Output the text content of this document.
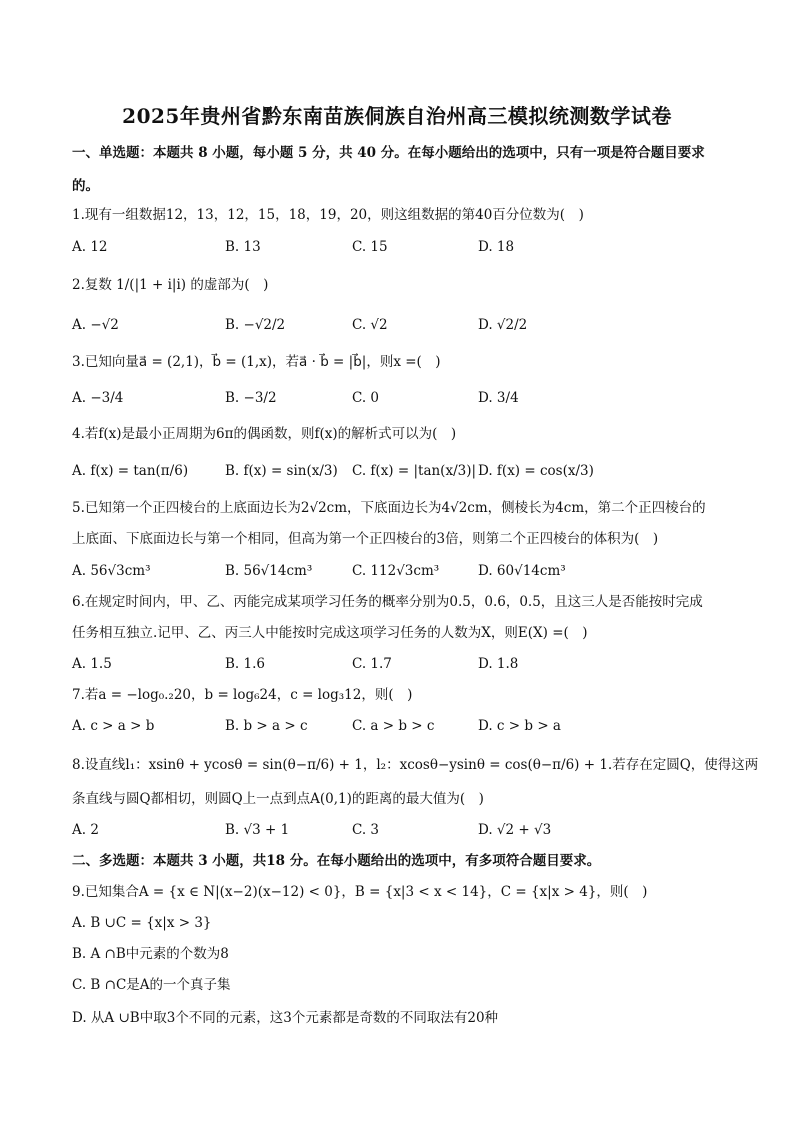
2025年贵州省黔东南苗族侗族自治州高三模拟统测数学试卷
一、单选题：本题共 8 小题，每小题 5 分，共 40 分。在每小题给出的选项中，只有一项是符合题目要求
的。
1.现有一组数据12，13，12，15，18，19，20，则这组数据的第40百分位数为(　)
A. 12	B. 13	C. 15	D. 18
2.复数 1/(|1 + i|i) 的虚部为(　)
A. −√2	B. −√2/2	C. √2	D. √2/2
3.已知向量a⃗ = (2,1)，b⃗ = (1,x)，若a⃗ · b⃗ = |b⃗|，则x =(　)
A. −3/4	B. −3/2	C. 0	D. 3/4
4.若f(x)是最小正周期为6π的偶函数，则f(x)的解析式可以为(　)
A. f(x) = tan(π/6)	B. f(x) = sin(x/3) C. f(x) = |tan(x/3)| D. f(x) = cos(x/3)
5.已知第一个正四棱台的上底面边长为2√2cm，下底面边长为4√2cm，侧棱长为4cm，第二个正四棱台的
上底面、下底面边长与第一个相同，但高为第一个正四棱台的3倍，则第二个正四棱台的体积为(　)
A. 56√3cm³	B. 56√14cm³	C. 112√3cm³	D. 60√14cm³
6.在规定时间内，甲、乙、丙能完成某项学习任务的概率分别为0.5，0.6，0.5，且这三人是否能按时完成
任务相互独立.记甲、乙、丙三人中能按时完成这项学习任务的人数为X，则E(X) =(　)
A. 1.5	B. 1.6	C. 1.7	D. 1.8
7.若a = −log₀.₂20，b = log₆24，c = log₃12，则(　)
A. c > a > b	B. b > a > c	C. a > b > c	D. c > b > a
8.设直线l₁：xsinθ + ycosθ = sin(θ−π/6) + 1，l₂：xcosθ−ysinθ = cos(θ−π/6) + 1.若存在定圆Q，使得这两
条直线与圆Q都相切，则圆Q上一点到点A(0,1)的距离的最大值为(　)
A. 2	B. √3 + 1	C. 3	D. √2 + √3
二、多选题：本题共 3 小题，共18 分。在每小题给出的选项中，有多项符合题目要求。
9.已知集合A = {x ∈ N|(x−2)(x−12) < 0}，B = {x|3 < x < 14}，C = {x|x > 4}，则(　)
A. B ∪C = {x|x > 3}
B. A ∩B中元素的个数为8
C. B ∩C是A的一个真子集
D. 从A ∪B中取3个不同的元素，这3个元素都是奇数的不同取法有20种
